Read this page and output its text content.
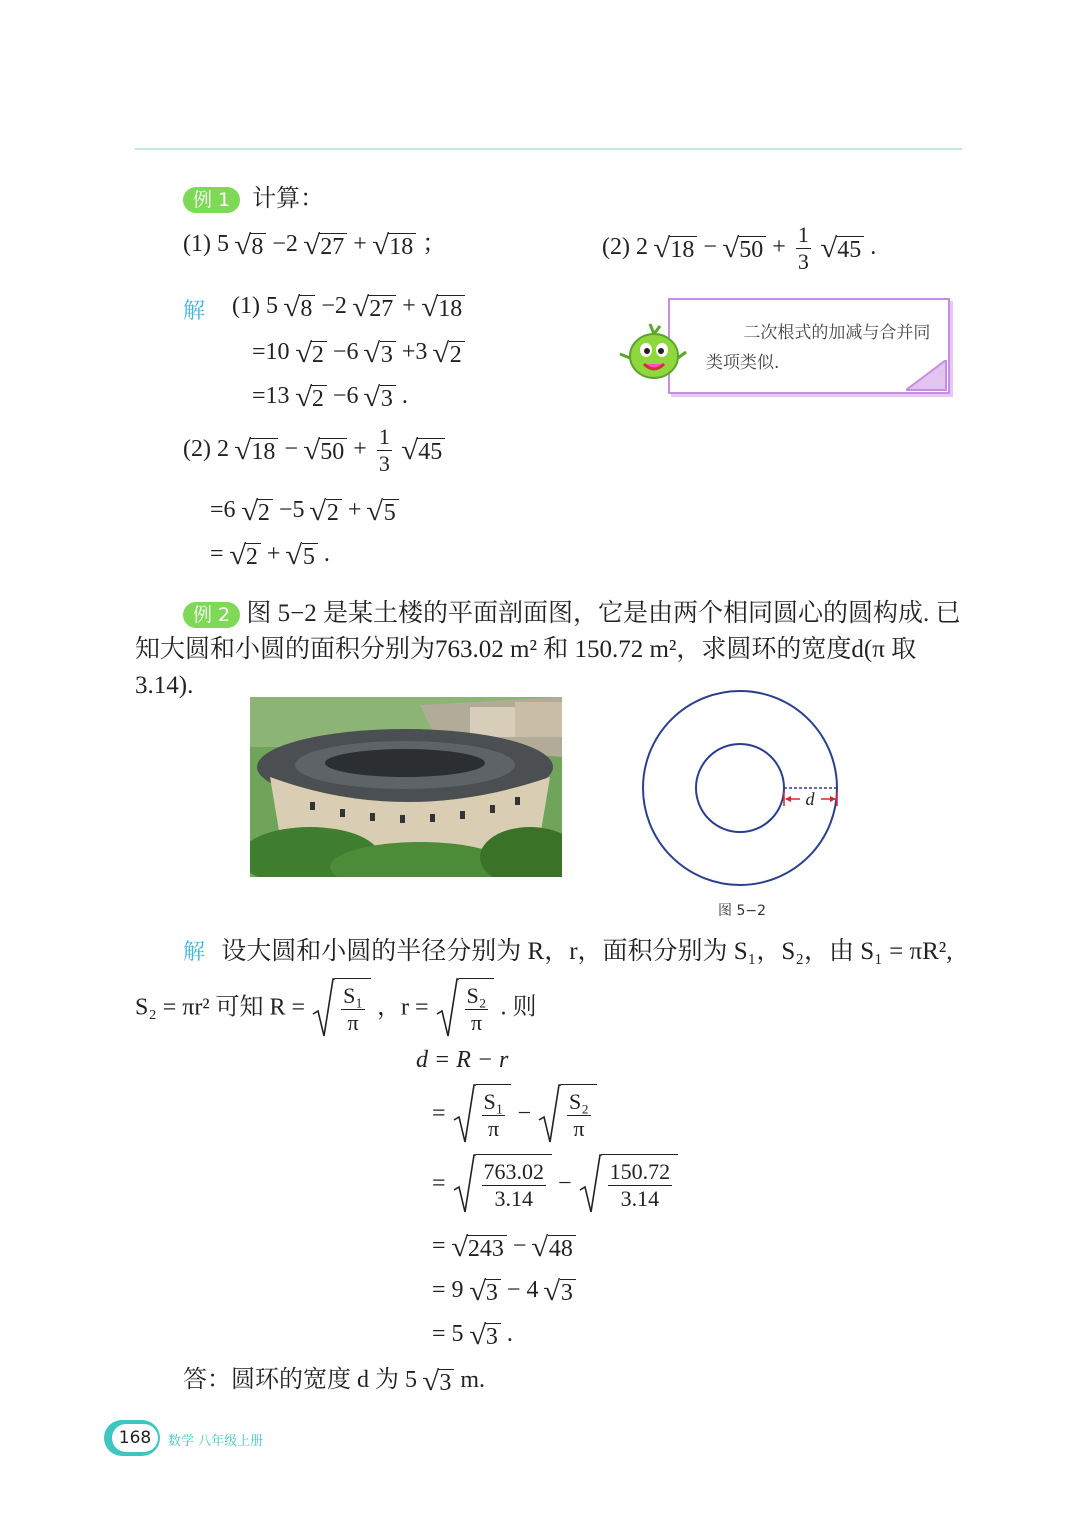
例 1 计算：
(1) 5 √ 8 −2 √ 27 + √ 18 ；	(2) 2 √ 18 − √ $50 + \frac{1}{3}$
√ 45 .
解 (1) 5 √ 8 −2 √ 27 + √ 18
=10 √ 2 −6 √ 3 +3 √ 2
=13 √ 2 −6 √ 3 .
(2) 2 √ 18 − √ $50 + \frac{1}{3}$
√ 45
=6 √ 2 −5 √ 2 + √ 5
= √ 2 + √ 5 .
二次根式的加减与合并同类项类似.
例 2 图 5−2 是某土楼的平面剖面图，它是由两个相同圆心的圆构成. 已
知大圆和小圆的面积分别为763.02 m² 和 150.72 m²，求圆环的宽度d(π 取 3.14).
d
图 5−2
解 设大圆和小圆的半径分别为 R，r，面积分别为 S₁，S₂，由 S₁ = πR²,
S₂ = πr² 可知 $R = \frac{\text{S₁}}{\pi}$ ，$r = \frac{\text{S₂}}{\pi}$ . 则
d = R − r
= $\frac{\text{S₁}}{\pi} - \frac{\text{S₂}}{\pi}$
= $\frac{763.02}{3.14} - \frac{150.72}{3.14}$
= √ 243 − √ 48
= 9 √ 3 − 4 √ 3
= 5 √ 3 .
答：圆环的宽度 d 为 5 √ 3 m.
168	数学 八年级上册
